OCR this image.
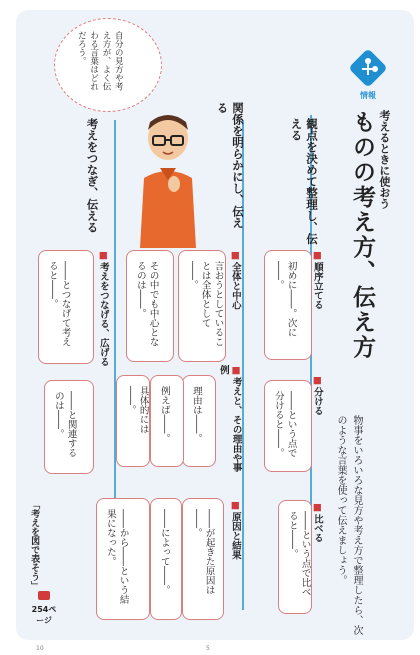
情報
考えるときに使おう
ものの考え方、伝え方
物事をいろいろな見方や考え方で整理したら、次のような言葉を使って伝えましょう。
観点を決めて整理し、伝える
関係を明らかにし、伝える
考えをつなぎ、伝える
自分の見方や考え方が、よく伝わる言葉はどれだろう。
■ 比べる
――という点で比べると――。
■ 分ける
――という点で分けると――。
■ 順序立てる
初めに――。次に――。
■ 考えと、その理由や事例
理由は――。
例えば――。
具体的には――。
■ 原因と結果
――が起きた原因は――。
――によって――。
――から――という結果になった。
■ 全体と中心
言おうとしていることは全体として――。
その中でも中心となるのは――。
■ 考えをつなげる、広げる
――とつなげて考えると――。
――と関連するのは――。
「考えを図で表そう」
254ページ
10	5
